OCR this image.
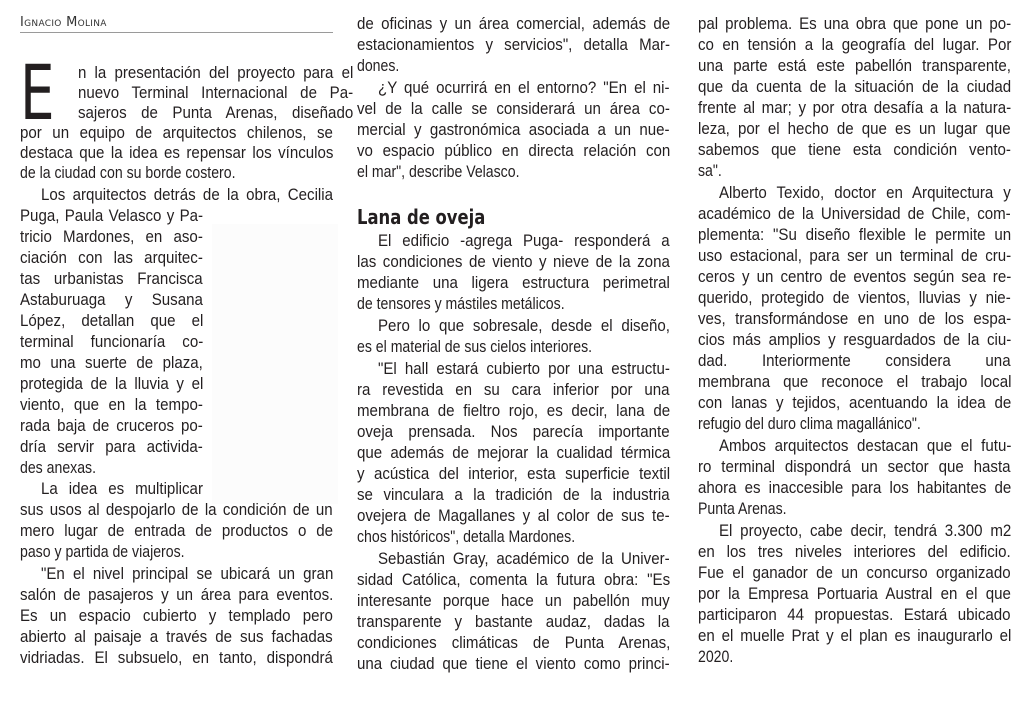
Ignacio Molina
E
Lana de oveja
n la presentación del proyecto para el
nuevo Terminal Internacional de Pa-
sajeros de Punta Arenas, diseñado
por un equipo de arquitectos chilenos, se
destaca que la idea es repensar los vínculos
de la ciudad con su borde costero.
Los arquitectos detrás de la obra, Cecilia
Puga, Paula Velasco y Pa-
tricio Mardones, en aso-
ciación con las arquitec-
tas urbanistas Francisca
Astaburuaga y Susana
López, detallan que el
terminal funcionaría co-
mo una suerte de plaza,
protegida de la lluvia y el
viento, que en la tempo-
rada baja de cruceros po-
dría servir para activida-
des anexas.
La idea es multiplicar
sus usos al despojarlo de la condición de un
mero lugar de entrada de productos o de
paso y partida de viajeros.
"En el nivel principal se ubicará un gran
salón de pasajeros y un área para eventos.
Es un espacio cubierto y templado pero
abierto al paisaje a través de sus fachadas
vidriadas. El subsuelo, en tanto, dispondrá
de oficinas y un área comercial, además de
estacionamientos y servicios", detalla Mar-
dones.
¿Y qué ocurrirá en el entorno? "En el ni-
vel de la calle se considerará un área co-
mercial y gastronómica asociada a un nue-
vo espacio público en directa relación con
el mar", describe Velasco.
El edificio -agrega Puga- responderá a
las condiciones de viento y nieve de la zona
mediante una ligera estructura perimetral
de tensores y mástiles metálicos.
Pero lo que sobresale, desde el diseño,
es el material de sus cielos interiores.
"El hall estará cubierto por una estructu-
ra revestida en su cara inferior por una
membrana de fieltro rojo, es decir, lana de
oveja prensada. Nos parecía importante
que además de mejorar la cualidad térmica
y acústica del interior, esta superficie textil
se vinculara a la tradición de la industria
ovejera de Magallanes y al color de sus te-
chos históricos", detalla Mardones.
Sebastián Gray, académico de la Univer-
sidad Católica, comenta la futura obra: "Es
interesante porque hace un pabellón muy
transparente y bastante audaz, dadas la
condiciones climáticas de Punta Arenas,
una ciudad que tiene el viento como princi-
pal problema. Es una obra que pone un po-
co en tensión a la geografía del lugar. Por
una parte está este pabellón transparente,
que da cuenta de la situación de la ciudad
frente al mar; y por otra desafía a la natura-
leza, por el hecho de que es un lugar que
sabemos que tiene esta condición vento-
sa".
Alberto Texido, doctor en Arquitectura y
académico de la Universidad de Chile, com-
plementa: "Su diseño flexible le permite un
uso estacional, para ser un terminal de cru-
ceros y un centro de eventos según sea re-
querido, protegido de vientos, lluvias y nie-
ves, transformándose en uno de los espa-
cios más amplios y resguardados de la ciu-
dad. Interiormente considera una
membrana que reconoce el trabajo local
con lanas y tejidos, acentuando la idea de
refugio del duro clima magallánico".
Ambos arquitectos destacan que el futu-
ro terminal dispondrá un sector que hasta
ahora es inaccesible para los habitantes de
Punta Arenas.
El proyecto, cabe decir, tendrá 3.300 m2
en los tres niveles interiores del edificio.
Fue el ganador de un concurso organizado
por la Empresa Portuaria Austral en el que
participaron 44 propuestas. Estará ubicado
en el muelle Prat y el plan es inaugurarlo el
2020.
